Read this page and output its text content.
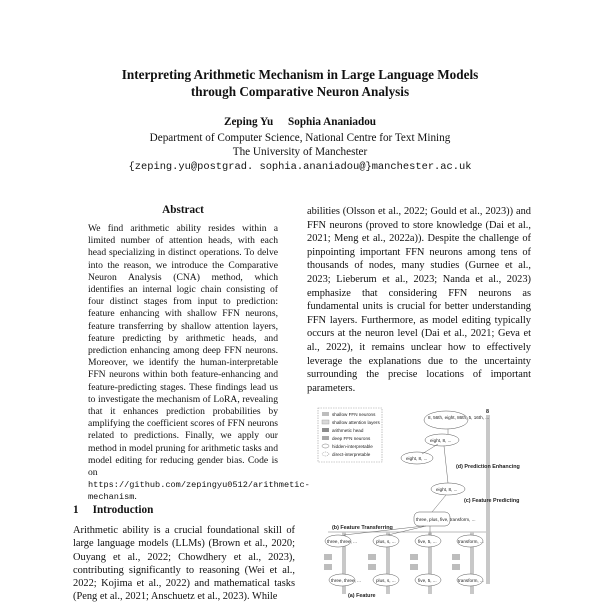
Interpreting Arithmetic Mechanism in Large Language Models
through Comparative Neuron Analysis
Zeping Yu Sophia Ananiadou
Department of Computer Science, National Centre for Text Mining
The University of Manchester
{zeping.yu@postgrad. sophia.ananiadou@}manchester.ac.uk
Abstract
We find arithmetic ability resides within a limited number of attention heads, with each head specializing in distinct operations. To delve into the reason, we introduce the Comparative Neuron Analysis (CNA) method, which identifies an internal logic chain consisting of four distinct stages from input to prediction: feature enhancing with shallow FFN neurons, feature transferring by shallow attention layers, feature predicting by arithmetic heads, and prediction enhancing among deep FFN neurons. Moreover, we identify the human-interpretable FFN neurons within both feature-enhancing and feature-predicting stages. These findings lead us to investigate the mechanism of LoRA, revealing that it enhances prediction probabilities by amplifying the coefficient scores of FFN neurons related to predictions. Finally, we apply our method in model pruning for arithmetic tasks and model editing for reducing gender bias. Code is on https://github.com/zepingyu0512/arithmetic-mechanism.
1 Introduction
Arithmetic ability is a crucial foundational skill of large language models (LLMs) (Brown et al., 2020; Ouyang et al., 2022; Chowdhery et al., 2023), contributing significantly to reasoning (Wei et al., 2022; Kojima et al., 2022) and mathematical tasks (Peng et al., 2021; Anschuetz et al., 2023). While
abilities (Olsson et al., 2022; Gould et al., 2023)) and FFN neurons (proved to store knowledge (Dai et al., 2021; Meng et al., 2022a)). Despite the challenge of pinpointing important FFN neurons among tens of thousands of nodes, many studies (Gurnee et al., 2023; Lieberum et al., 2023; Nanda et al., 2023) emphasize that considering FFN neurons as fundamental units is crucial for better understanding FFN layers. Furthermore, as model editing typically occurs at the neuron level (Dai et al., 2021; Geva et al., 2022), it remains unclear how to effectively leverage the explanations due to the uncertainty surrounding the precise locations of important parameters.
shallow FFN neurons
shallow attention layers
arithmetic head
deep FFN neurons
hidden-interpretable
direct-interpretable
8
8, 56th, eight, 86th, 5, 16th, ...
eight, 8, ...
eight, 8, ...
eight, 8, ...
(d) Prediction Enhancing
(c) Feature Predicting
three, plus, five, transform, ...
(b) Feature Transferring
three, three, ...	plus, s, ...	five, 5, ...	transform, ...
three, three, ...	plus, s, ...	five, 5, ...	transform, ...
(a) Feature
